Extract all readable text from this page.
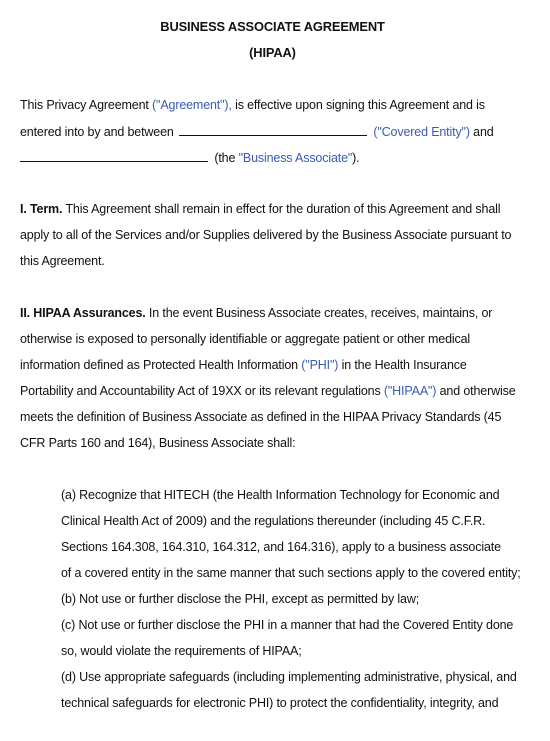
BUSINESS ASSOCIATE AGREEMENT
(HIPAA)
This Privacy Agreement ("Agreement"), is effective upon signing this Agreement and is
entered into by and between	("Covered Entity") and
(the "Business Associate").
I. Term. This Agreement shall remain in effect for the duration of this Agreement and shall
apply to all of the Services and/or Supplies delivered by the Business Associate pursuant to
this Agreement.
II. HIPAA Assurances. In the event Business Associate creates, receives, maintains, or
otherwise is exposed to personally identifiable or aggregate patient or other medical
information defined as Protected Health Information ("PHI") in the Health Insurance
Portability and Accountability Act of 19XX or its relevant regulations ("HIPAA") and otherwise
meets the definition of Business Associate as defined in the HIPAA Privacy Standards (45
CFR Parts 160 and 164), Business Associate shall:
(a) Recognize that HITECH (the Health Information Technology for Economic and
Clinical Health Act of 2009) and the regulations thereunder (including 45 C.F.R.
Sections 164.308, 164.310, 164.312, and 164.316), apply to a business associate
of a covered entity in the same manner that such sections apply to the covered entity;
(b) Not use or further disclose the PHI, except as permitted by law;
(c) Not use or further disclose the PHI in a manner that had the Covered Entity done
so, would violate the requirements of HIPAA;
(d) Use appropriate safeguards (including implementing administrative, physical, and
technical safeguards for electronic PHI) to protect the confidentiality, integrity, and
